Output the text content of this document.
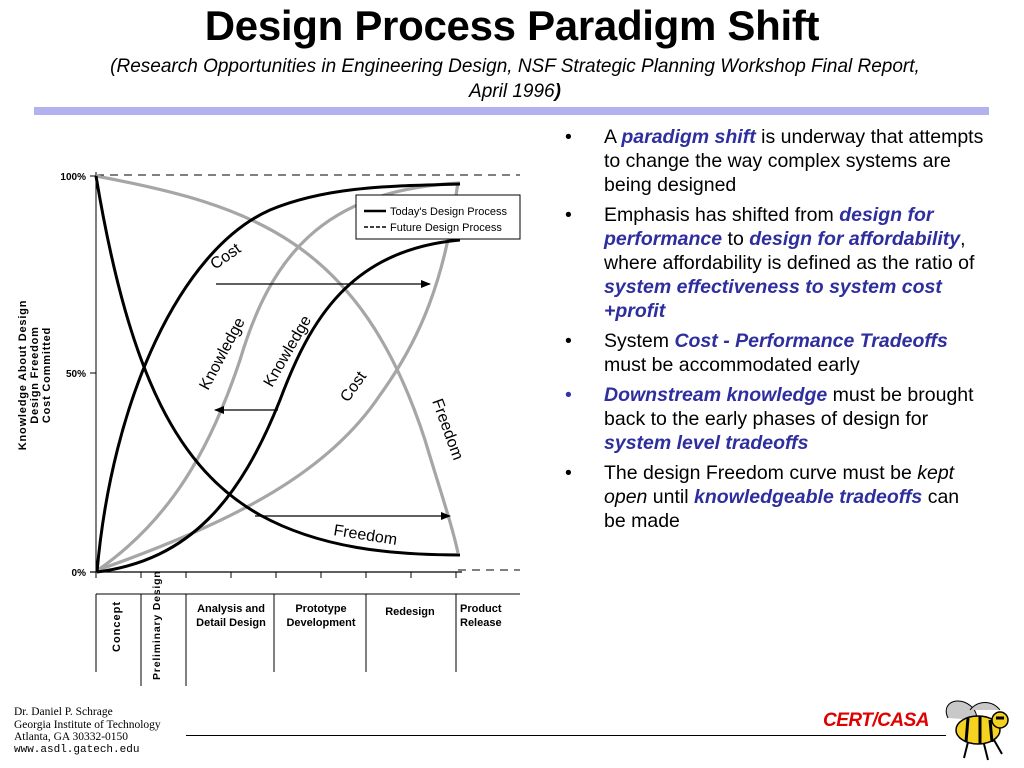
Design Process Paradigm Shift
(Research Opportunities in Engineering Design, NSF Strategic Planning Workshop Final Report,
April 1996)
100%
50%
0%
Knowledge About Design Design Freedom Cost Committed
Cost
Knowledge Knowledge Cost
Freedom
Freedom
Today's Design Process
Future Design Process
Concept	Preliminary Design	Analysis and Detail Design
Prototype Development
Redesign Product Release
• A paradigm shift is underway that attempts to change the way complex systems are being designed
• Emphasis has shifted from design for performance to design for affordability, where affordability is defined as the ratio of system effectiveness to system cost +profit
• System Cost - Performance Tradeoffs must be accommodated early
• Downstream knowledge must be brought back to the early phases of design for system level tradeoffs
• The design Freedom curve must be kept open until knowledgeable tradeoffs can be made
Dr. Daniel P. Schrage
Georgia Institute of Technology
Atlanta, GA 30332-0150
www.asdl.gatech.edu
CERT/CASA
